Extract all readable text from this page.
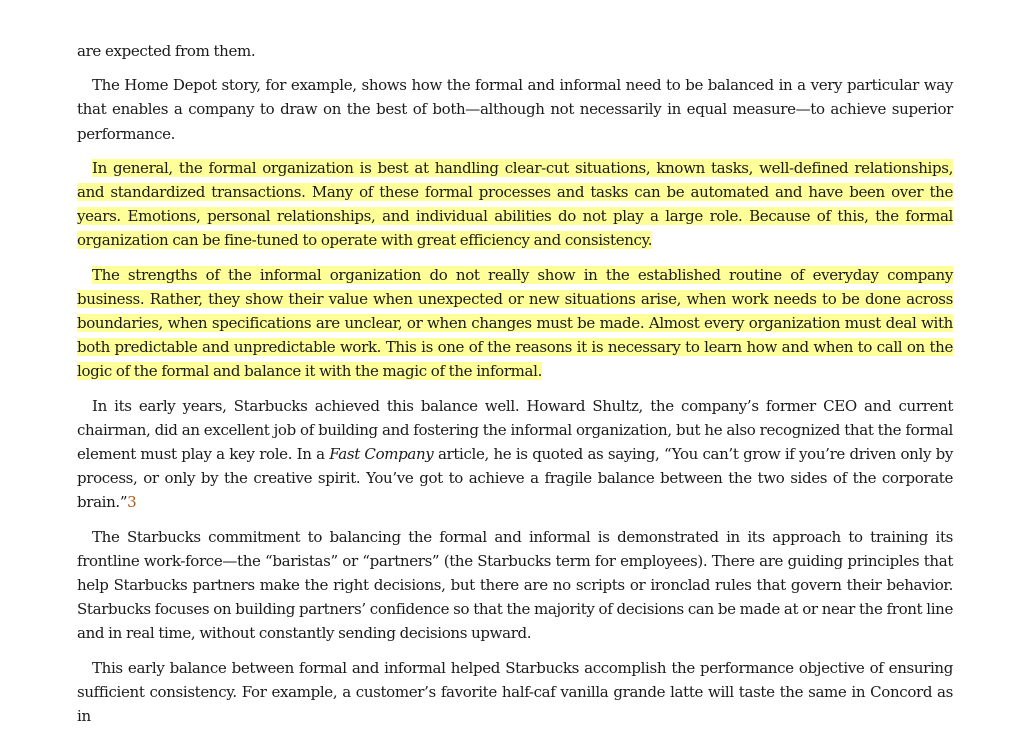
are expected from them.

The Home Depot story, for example, shows how the formal and informal need to be balanced in a very particular way that enables a company to draw on the best of both—although not necessarily in equal measure—to achieve superior performance.

In general, the formal organization is best at handling clear-cut situations, known tasks, well-defined relationships, and standardized transactions. Many of these formal processes and tasks can be automated and have been over the years. Emotions, personal relationships, and individual abilities do not play a large role. Because of this, the formal organization can be fine-tuned to operate with great efficiency and consistency.

The strengths of the informal organization do not really show in the established routine of everyday company business. Rather, they show their value when unexpected or new situations arise, when work needs to be done across boundaries, when specifications are unclear, or when changes must be made. Almost every organization must deal with both predictable and unpredictable work. This is one of the reasons it is necessary to learn how and when to call on the logic of the formal and balance it with the magic of the informal.

In its early years, Starbucks achieved this balance well. Howard Shultz, the company’s former CEO and current chairman, did an excellent job of building and fostering the informal organization, but he also recognized that the formal element must play a key role. In a Fast Company article, he is quoted as saying, “You can’t grow if you’re driven only by process, or only by the creative spirit. You’ve got to achieve a fragile balance between the two sides of the corporate brain.”3

The Starbucks commitment to balancing the formal and informal is demonstrated in its approach to training its frontline work-force—the “baristas” or “partners” (the Starbucks term for employees). There are guiding principles that help Starbucks partners make the right decisions, but there are no scripts or ironclad rules that govern their behavior. Starbucks focuses on building partners’ confidence so that the majority of decisions can be made at or near the front line and in real time, without constantly sending decisions upward.

This early balance between formal and informal helped Starbucks accomplish the performance objective of ensuring sufficient consistency. For example, a customer’s favorite half-caf vanilla grande latte will taste the same in Concord as in
